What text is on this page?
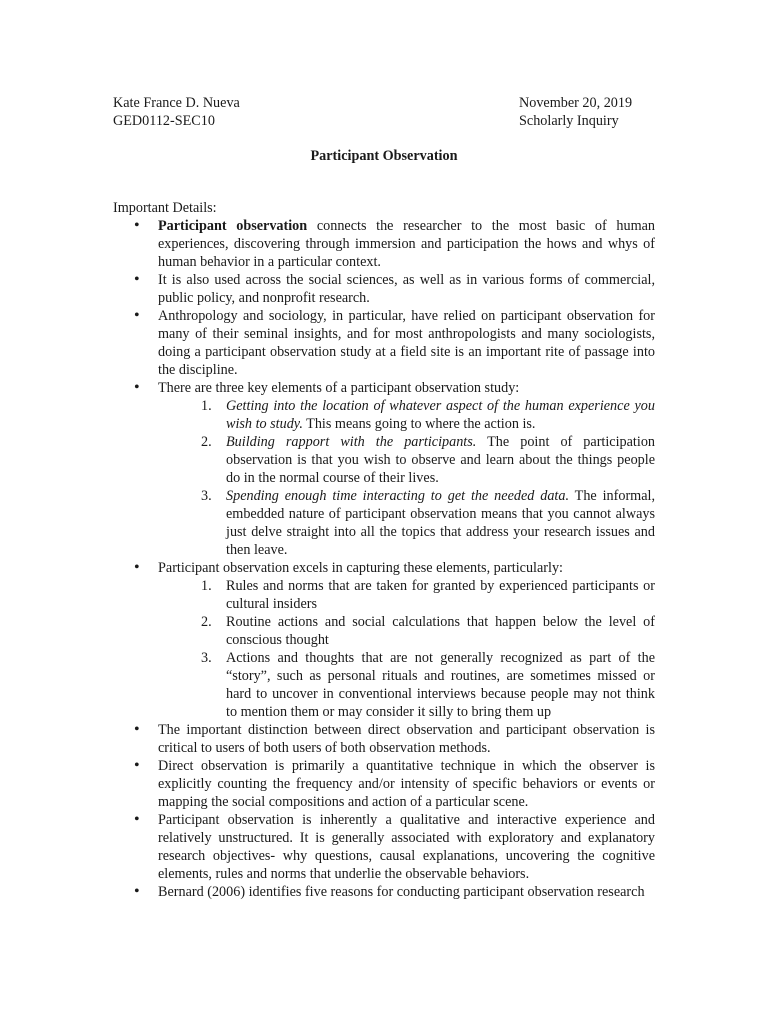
Kate France D. Nueva	November 20, 2019
GED0112-SEC10	Scholarly Inquiry
Participant Observation
Important Details:
• Participant observation connects the researcher to the most basic of human experiences, discovering through immersion and participation the hows and whys of human behavior in a particular context.
• It is also used across the social sciences, as well as in various forms of commercial, public policy, and nonprofit research.
• Anthropology and sociology, in particular, have relied on participant observation for many of their seminal insights, and for most anthropologists and many sociologists, doing a participant observation study at a field site is an important rite of passage into the discipline.
• There are three key elements of a participant observation study:
1. Getting into the location of whatever aspect of the human experience you wish to study. This means going to where the action is.
2. Building rapport with the participants. The point of participation observation is that you wish to observe and learn about the things people do in the normal course of their lives.
3. Spending enough time interacting to get the needed data. The informal, embedded nature of participant observation means that you cannot always just delve straight into all the topics that address your research issues and then leave.
• Participant observation excels in capturing these elements, particularly:
1. Rules and norms that are taken for granted by experienced participants or cultural insiders
2. Routine actions and social calculations that happen below the level of conscious thought
3. Actions and thoughts that are not generally recognized as part of the “story”, such as personal rituals and routines, are sometimes missed or hard to uncover in conventional interviews because people may not think to mention them or may consider it silly to bring them up
• The important distinction between direct observation and participant observation is critical to users of both users of both observation methods.
• Direct observation is primarily a quantitative technique in which the observer is explicitly counting the frequency and/or intensity of specific behaviors or events or mapping the social compositions and action of a particular scene.
• Participant observation is inherently a qualitative and interactive experience and relatively unstructured. It is generally associated with exploratory and explanatory research objectives- why questions, causal explanations, uncovering the cognitive elements, rules and norms that underlie the observable behaviors.
• Bernard (2006) identifies five reasons for conducting participant observation research
